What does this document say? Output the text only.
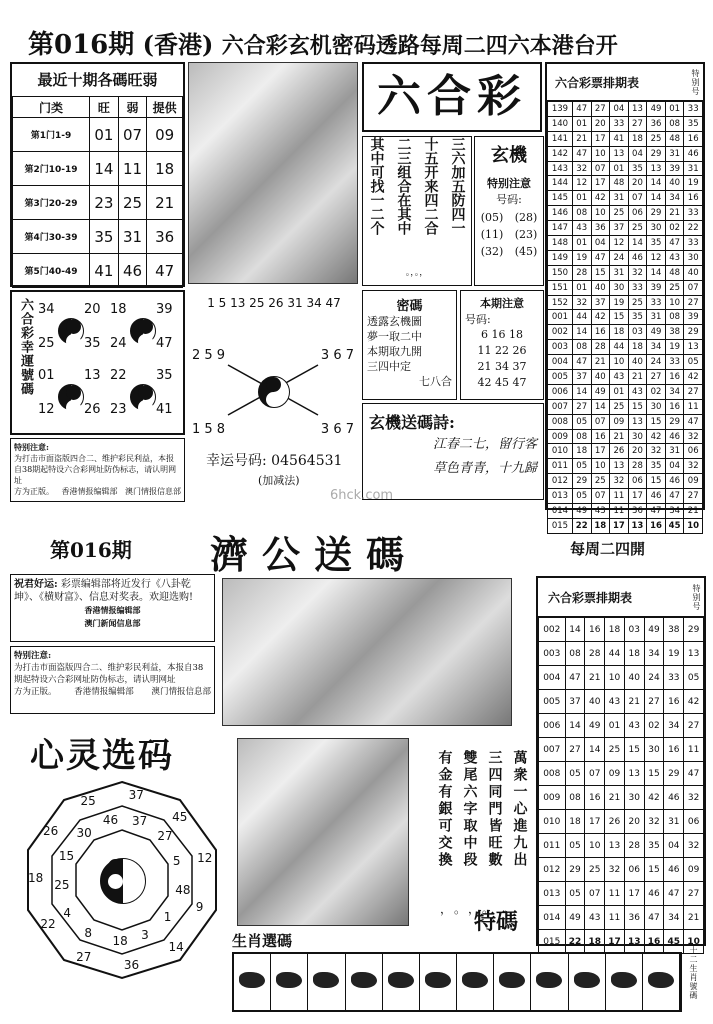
第016期 (香港) 六合彩玄机密码透路每周二四六本港台开
最近十期各碼旺弱
门类	旺	弱	提供
第1门1-9	01	07	09
第2门10-19	14	11	18
第3门20-29	23	25	21
第4门30-39	35	31	36
第5门40-49	41	46	47
六合彩
三六加五防四一
十五开来四二合
二三组合在其中
其中可找一二个
。，。，
玄機
特别注意
号码:
(05)	(28)
(11)	(23)
(32)	(45)
六合彩幸運號碼 34 20
25 35
18 39
24 47
01 13
12 26
22 35
23 41
1 5 13 25 26 31 34 47
2 5 9	3 6 7
1 5 8	3 6 7
幸运号码: 04564531
(加减法)
密碼
透露玄機圖
夢一取二中
本期取九開
三四中定
七八合
本期注意
号码:
6 16 18
11 22 26
21 34 37
42 45 47
玄機送碼詩:
江春二七，留行客
草色青青，十九歸
特别注意:
为打击市面盗版四合二、维护彩民利益，本报自38期起特设六合彩网址防伪标志，请认明网址
方为正版。 香港情报编辑部 澳门情报信息部
六合彩票排期表	特别号
139	47	27	04	13	49	01	33
140	01	20	33	27	36	08	35
141	21	17	41	18	25	48	16
142	47	10	13	04	29	31	46
143	32	07	01	35	13	39	31
144	12	17	48	20	14	40	19
145	01	42	31	07	14	34	16
146	08	10	25	06	29	21	33
147	43	36	37	25	30	02	22
148	01	04	12	14	35	47	33
149	19	47	24	46	12	43	30
150	28	15	31	32	14	48	40
151	01	40	30	33	39	25	07
152	32	37	19	25	33	10	27
001	44	42	15	35	31	08	39
002	14	16	18	03	49	38	29
003	08	28	44	18	34	19	13
004	47	21	10	40	24	33	05
005	37	40	43	21	27	16	42
006	14	49	01	43	02	34	27
007	27	14	25	15	30	16	11
008	05	07	09	13	15	29	47
009	08	16	21	30	42	46	32
010	18	17	26	20	32	31	06
011	05	10	13	28	35	04	32
012	29	25	32	06	15	46	09
013	05	07	11	17	46	47	27
014	49	43	11	36	47	34	21
015	22	18	17	13	16	45	10
6hck.com
第016期 濟公送碼	每周二四開
祝君好运: 彩票编辑部将近发行《八卦乾坤》、《横财富》、信息对奖表。欢迎选购!
香港情报编辑部
澳门新闻信息部
特别注意:
为打击市面盗版四合二、维护彩民利益，本报自38期起特设六合彩网址防伪标志，请认明网址
方为正版。 香港情报编辑部 澳门情报信息部
心灵选码
25	37
45
12
9
14
36
27
22
18
26
46 37
27
5
48
1
3
18
8
4
25
15
30	萬衆一心進九出
三四同門皆旺數
雙尾六字取中段
有金有銀可交換
，。，。
特碼
生肖選碼
十二生肖號碼
六合彩票排期表	特别号
002	14	16	18	03	49	38	29
003	08	28	44	18	34	19	13
004	47	21	10	40	24	33	05
005	37	40	43	21	27	16	42
006	14	49	01	43	02	34	27
007	27	14	25	15	30	16	11
008	05	07	09	13	15	29	47
009	08	16	21	30	42	46	32
010	18	17	26	20	32	31	06
011	05	10	13	28	35	04	32
012	29	25	32	06	15	46	09
013	05	07	11	17	46	47	27
014	49	43	11	36	47	34	21
015	22	18	17	13	16	45	10
